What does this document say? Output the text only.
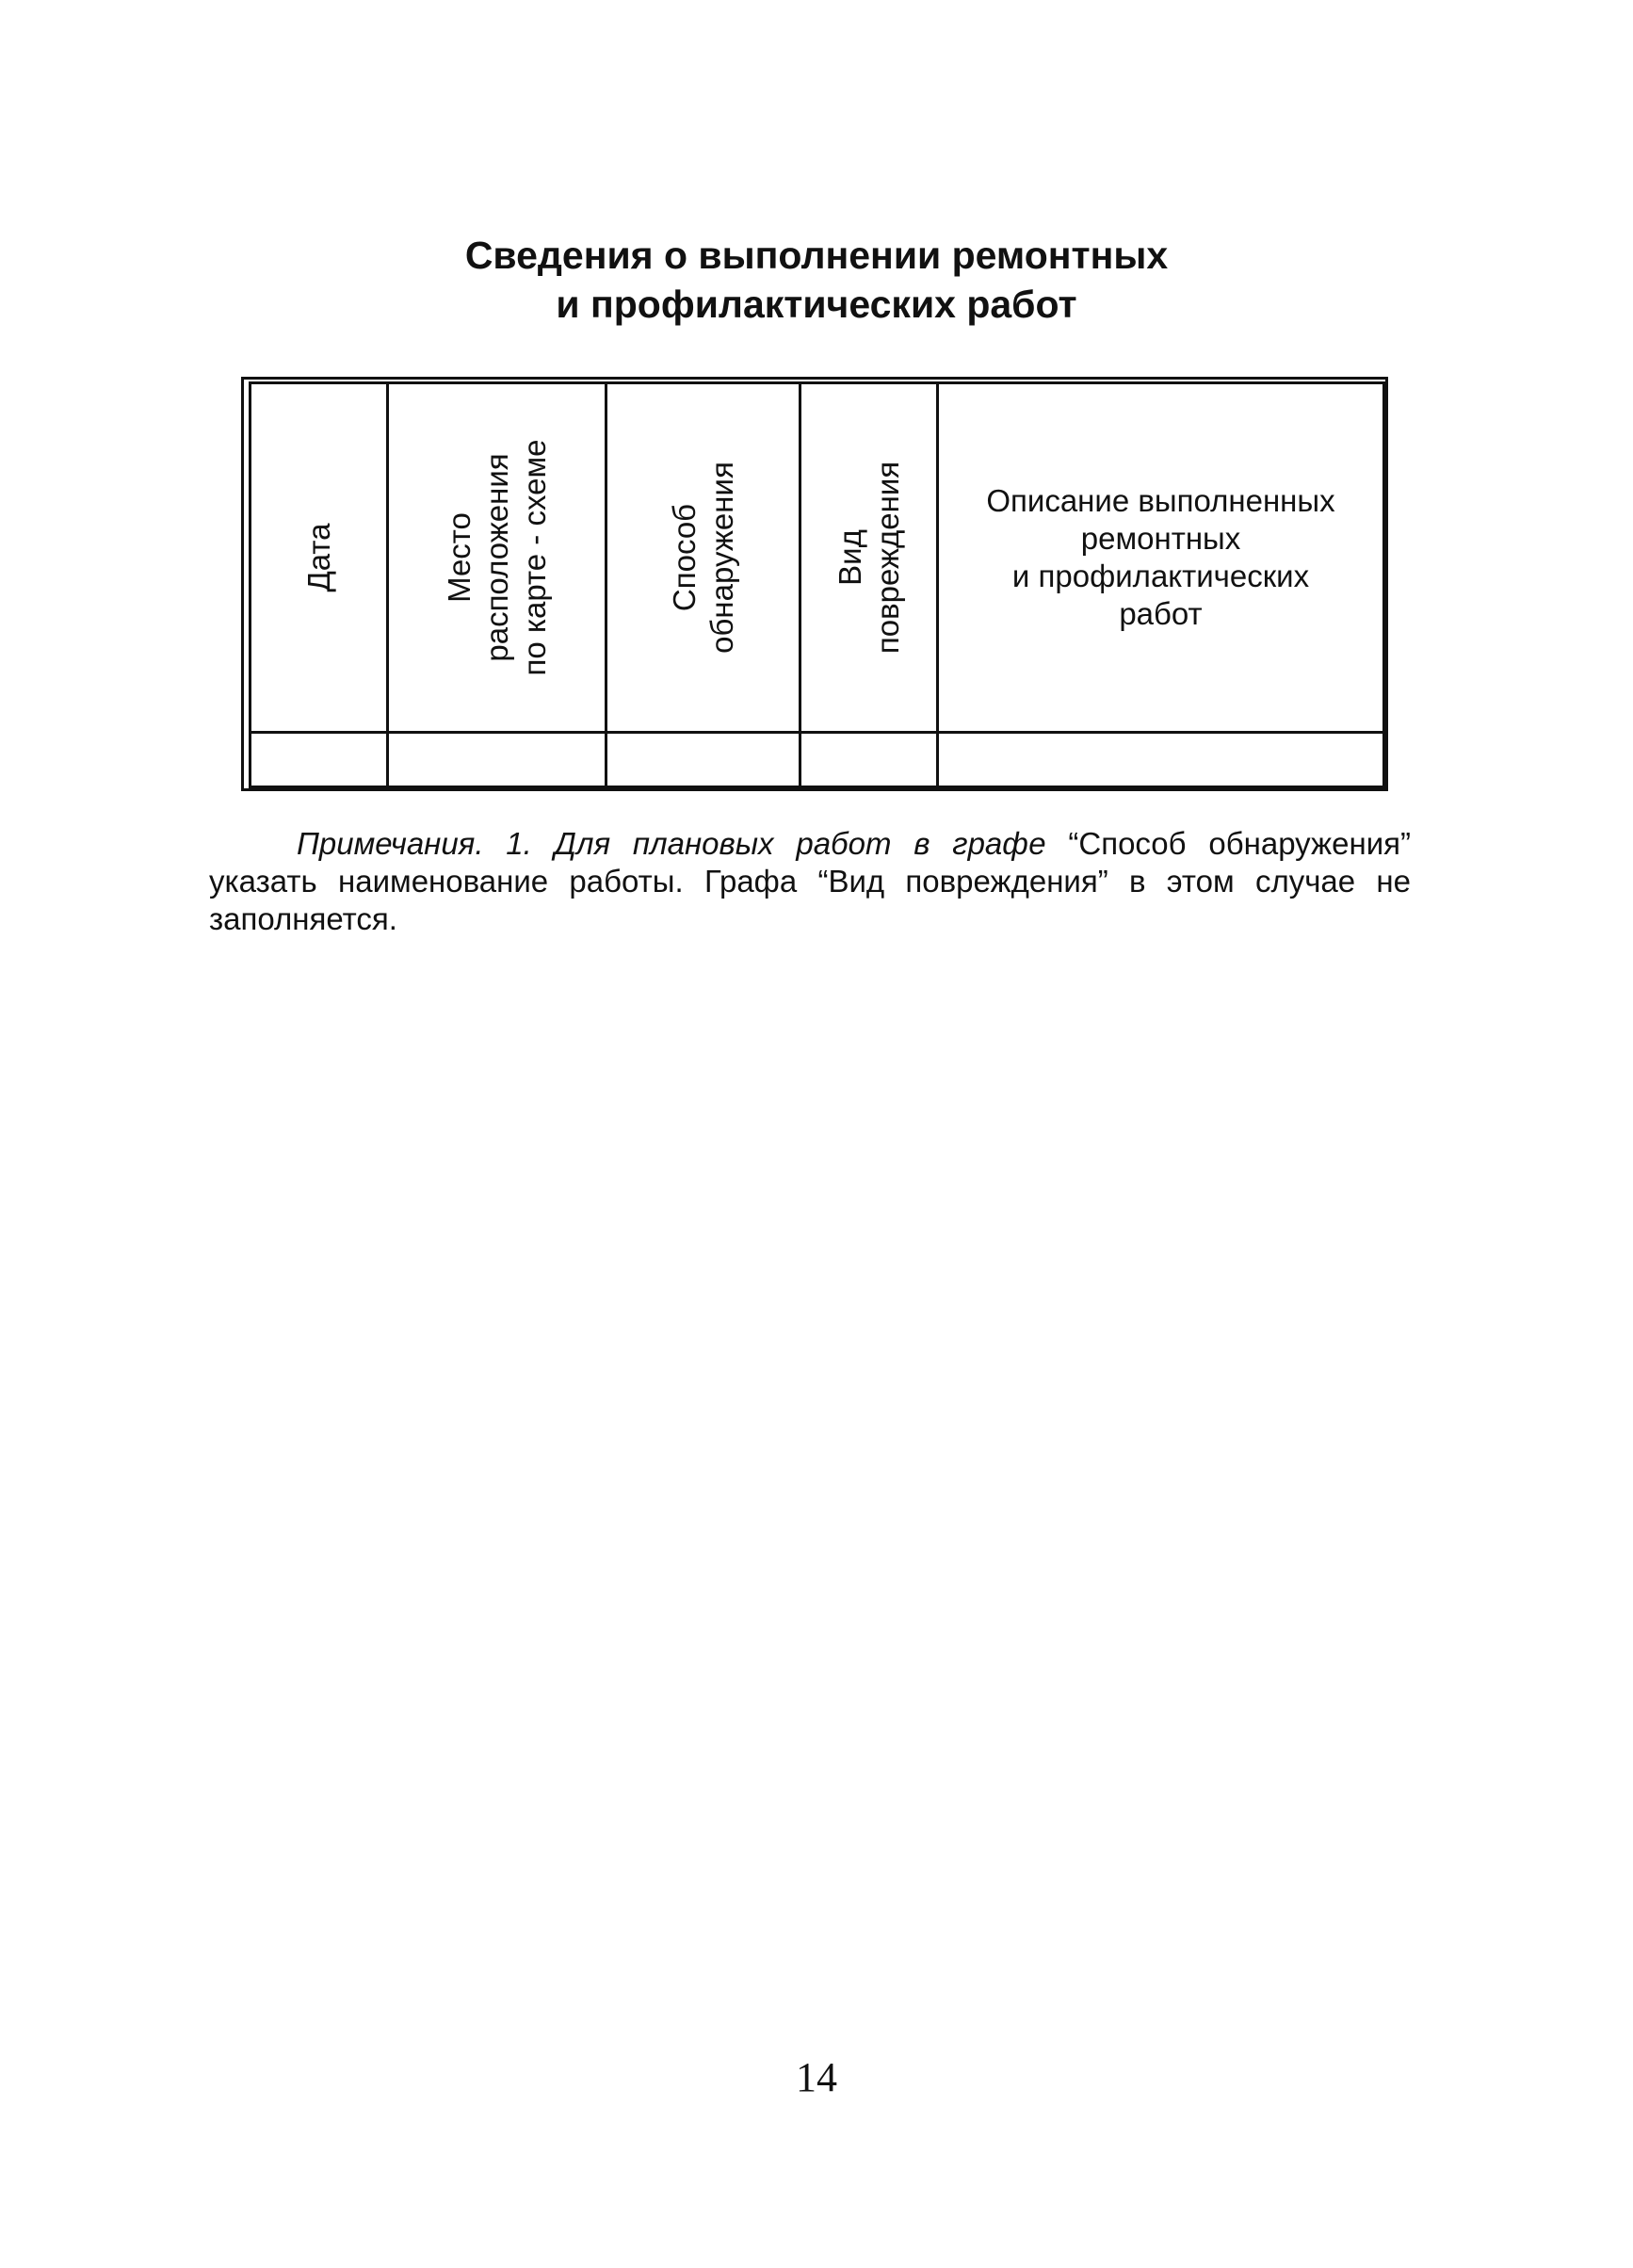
Сведения о выполнении ремонтных
и профилактических работ
Дата	Место
расположения
по карте - схеме	Способ
обнаружения	Вид
повреждения	Описание выполненных
ремонтных
и профилактических
работ

Примечания. 1. Для плановых работ в графе “Способ обнаружения” указать наименование работы. Графа “Вид повреждения” в этом случае не заполняется.
14
